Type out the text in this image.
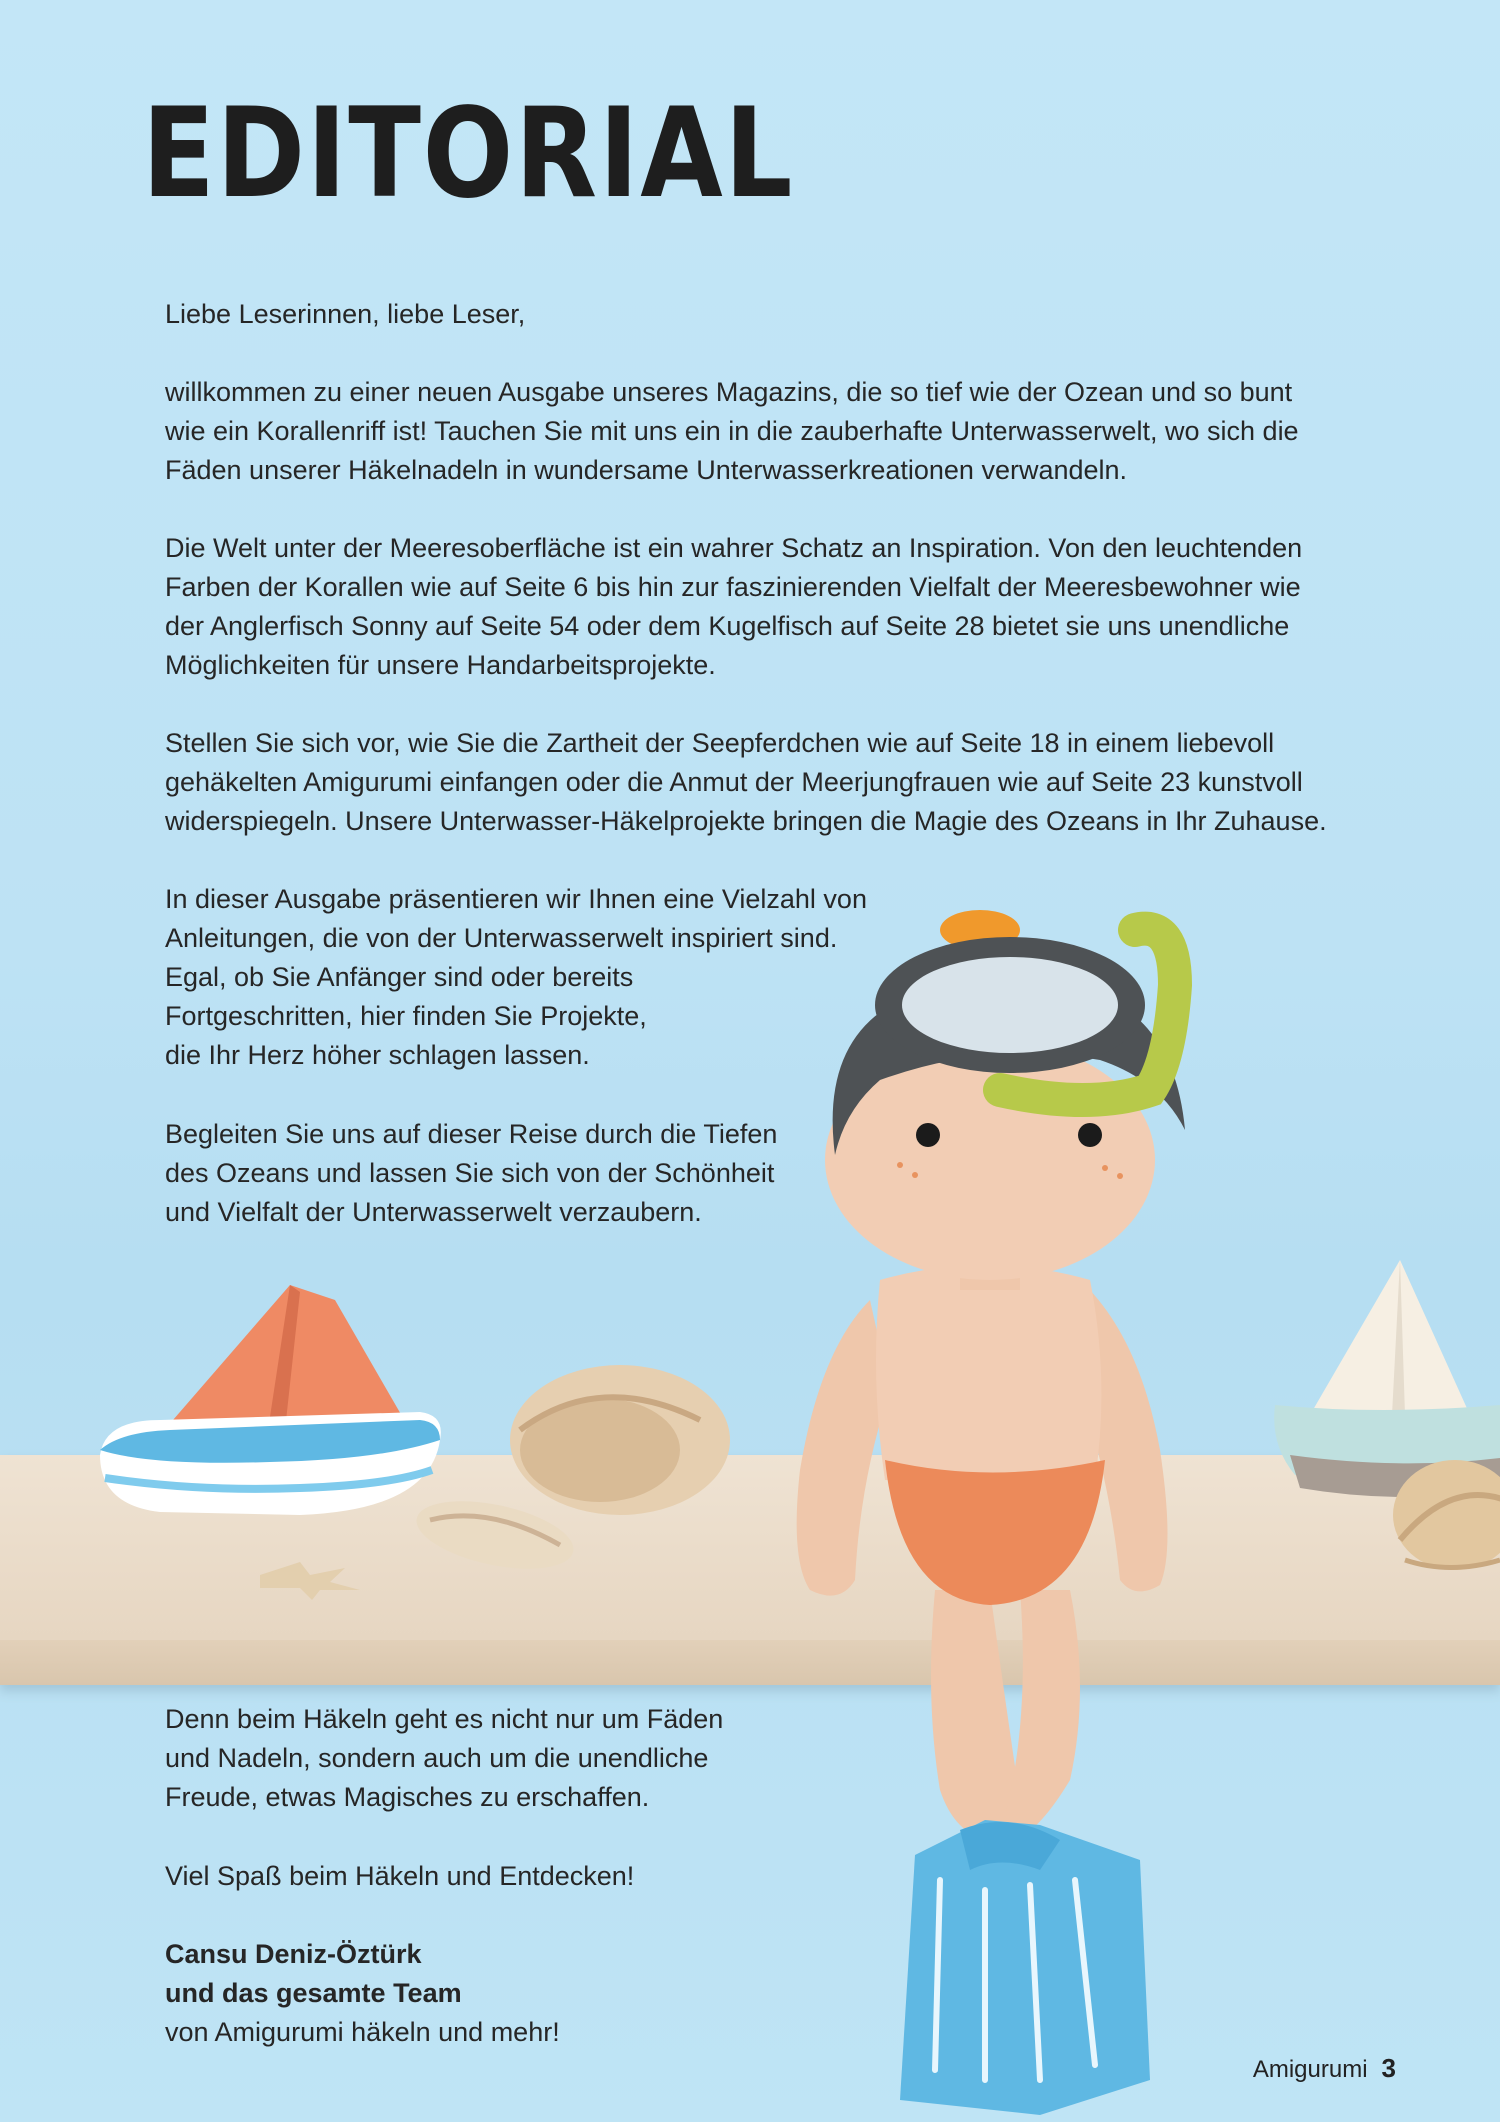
EDITORIAL

Liebe Leserinnen, liebe Leser,

willkommen zu einer neuen Ausgabe unseres Magazins, die so tief wie der Ozean und so bunt
wie ein Korallenriff ist! Tauchen Sie mit uns ein in die zauberhafte Unterwasserwelt, wo sich die
Fäden unserer Häkelnadeln in wundersame Unterwasserkreationen verwandeln.
Die Welt unter der Meeresoberfläche ist ein wahrer Schatz an Inspiration. Von den leuchtenden
Farben der Korallen wie auf Seite 6 bis hin zur faszinierenden Vielfalt der Meeresbewohner wie
der Anglerfisch Sonny auf Seite 54 oder dem Kugelfisch auf Seite 28 bietet sie uns unendliche
Möglichkeiten für unsere Handarbeitsprojekte.
Stellen Sie sich vor, wie Sie die Zartheit der Seepferdchen wie auf Seite 18 in einem liebevoll
gehäkelten Amigurumi einfangen oder die Anmut der Meerjungfrauen wie auf Seite 23 kunstvoll
widerspiegeln. Unsere Unterwasser-Häkelprojekte bringen die Magie des Ozeans in Ihr Zuhause.
In dieser Ausgabe präsentieren wir Ihnen eine Vielzahl von
Anleitungen, die von der Unterwasserwelt inspiriert sind.
Egal, ob Sie Anfänger sind oder bereits
Fortgeschritten, hier finden Sie Projekte,
die Ihr Herz höher schlagen lassen.
Begleiten Sie uns auf dieser Reise durch die Tiefen
des Ozeans und lassen Sie sich von der Schönheit
und Vielfalt der Unterwasserwelt verzaubern.
Denn beim Häkeln geht es nicht nur um Fäden
und Nadeln, sondern auch um die unendliche
Freude, etwas Magisches zu erschaffen.

Viel Spaß beim Häkeln und Entdecken!

Cansu Deniz-Öztürk
und das gesamte Team
von Amigurumi häkeln und mehr!
Amigurumi 3
